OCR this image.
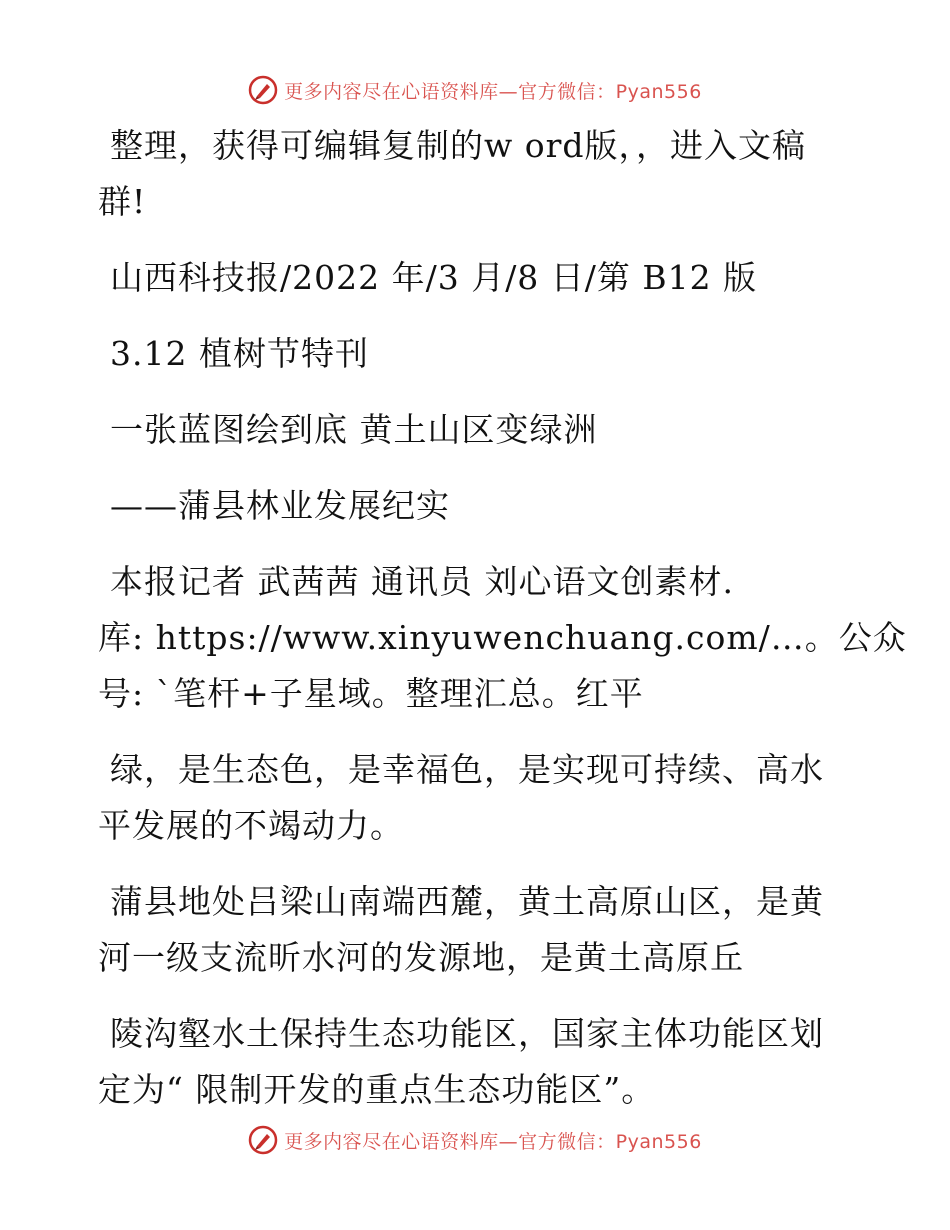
更多内容尽在心语资料库—官方微信：Pyan556
整理，获得可编辑复制的w ord版，，进入文稿
群!
山西科技报/2022 年/3 月/8 日/第 B12 版
3.12 植树节特刊
一张蓝图绘到底 黄土山区变绿洲
——蒲县林业发展纪实
本报记者 武茜茜 通讯员 刘心语文创素材.
库: https://www.xinyuwenchuang.com/…。公众
号: `笔杆+子星域。整理汇总。红平
绿，是生态色，是幸福色，是实现可持续、高水
平发展的不竭动力。
蒲县地处吕梁山南端西麓，黄土高原山区，是黄
河一级支流昕水河的发源地，是黄土高原丘
陵沟壑水土保持生态功能区，国家主体功能区划
定为“ 限制开发的重点生态功能区”。
更多内容尽在心语资料库—官方微信：Pyan556
